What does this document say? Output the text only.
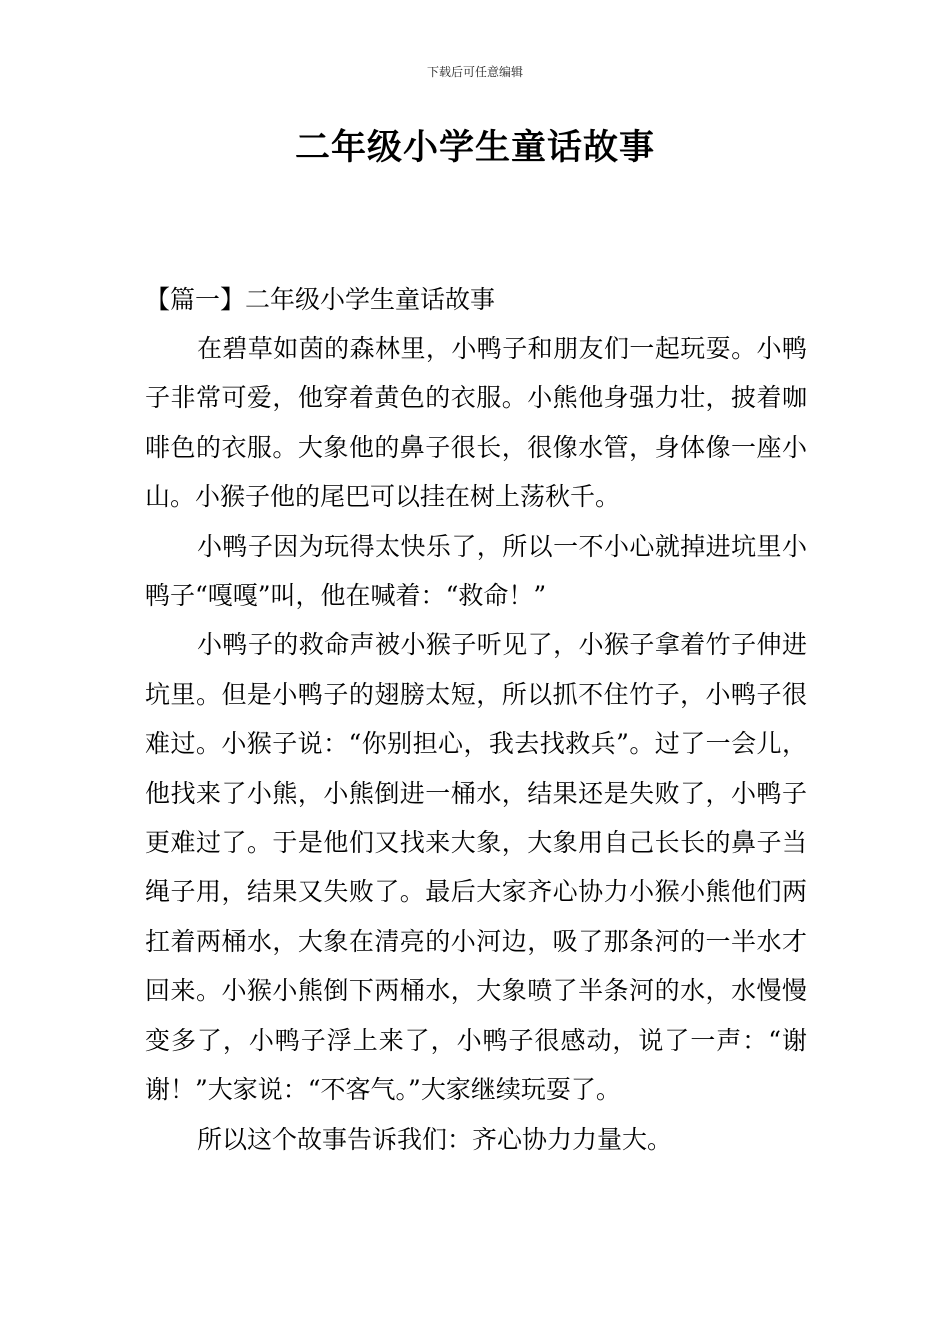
下载后可任意编辑
二年级小学生童话故事
【篇一】二年级小学生童话故事

在碧草如茵的森林里，小鸭子和朋友们一起玩耍。小鸭子非常可爱，他穿着黄色的衣服。小熊他身强力壮，披着咖啡色的衣服。大象他的鼻子很长，很像水管，身体像一座小山。小猴子他的尾巴可以挂在树上荡秋千。

小鸭子因为玩得太快乐了，所以一不小心就掉进坑里小鸭子“嘎嘎”叫，他在喊着：“救命！”

小鸭子的救命声被小猴子听见了，小猴子拿着竹子伸进坑里。但是小鸭子的翅膀太短，所以抓不住竹子，小鸭子很难过。小猴子说：“你别担心，我去找救兵”。过了一会儿，他找来了小熊，小熊倒进一桶水，结果还是失败了，小鸭子更难过了。于是他们又找来大象，大象用自己长长的鼻子当绳子用，结果又失败了。最后大家齐心协力小猴小熊他们两扛着两桶水，大象在清亮的小河边，吸了那条河的一半水才回来。小猴小熊倒下两桶水，大象喷了半条河的水，水慢慢变多了，小鸭子浮上来了，小鸭子很感动，说了一声：“谢谢！”大家说：“不客气。”大家继续玩耍了。

所以这个故事告诉我们：齐心协力力量大。
